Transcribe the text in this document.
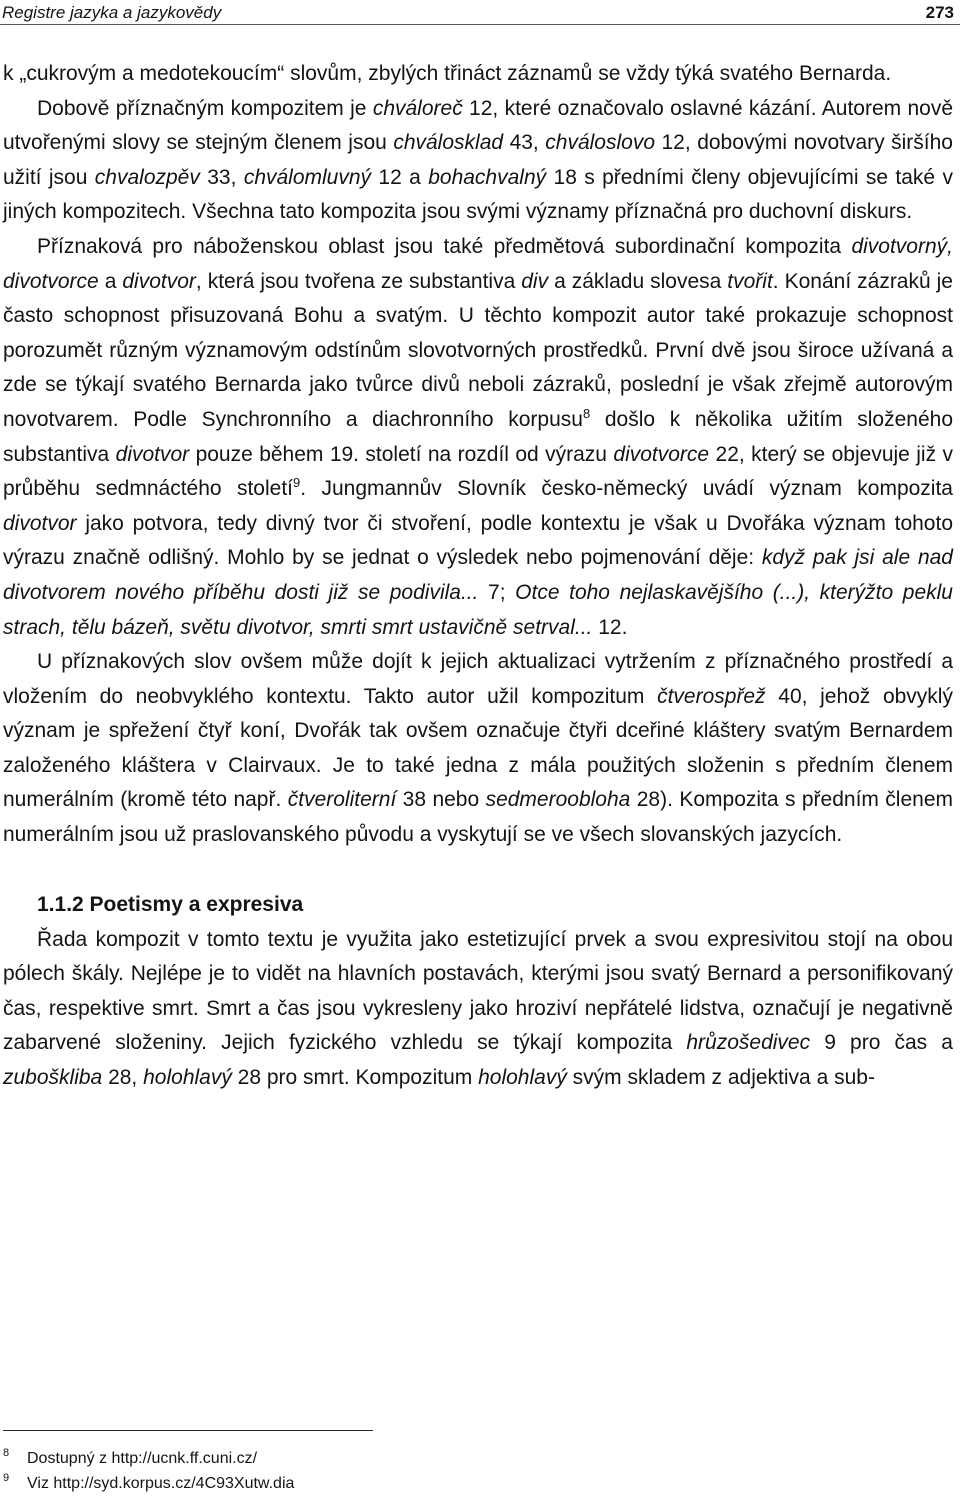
Registre jazyka a jazykovědy	273

k „cukrovým a medotekoucím“ slovům, zbylých třináct záznamů se vždy týká svatého Bernarda.

Dobově příznačným kompozitem je chváloreč 12, které označovalo oslavné kázání. Autorem nově utvořenými slovy se stejným členem jsou chválosklad 43, chváloslovo 12, dobovými novotvary širšího užití jsou chvalozpěv 33, chválomluvný 12 a bohachvalný 18 s předními členy objevujícími se také v jiných kompozitech. Všechna tato kompozita jsou svými významy příznačná pro duchovní diskurs.

Příznaková pro náboženskou oblast jsou také předmětová subordinační kompozita divotvorný, divotvorce a divotvor, která jsou tvořena ze substantiva div a základu slovesa tvořit. Konání zázraků je často schopnost přisuzovaná Bohu a svatým. U těchto kompozit autor také prokazuje schopnost porozumět různým významovým odstínům slovotvorných prostředků. První dvě jsou široce užívaná a zde se týkají svatého Bernarda jako tvůrce divů neboli zázraků, poslední je však zřejmě autorovým novotvarem. Podle Synchronního a diachronního korpusu$^8$ došlo k několika užitím složeného substantiva divotvor pouze během 19. století na rozdíl od výrazu divotvorce 22, který se objevuje již v průběhu sedmnáctého století$^9$. Jungmannův Slovník česko-německý uvádí význam kompozita divotvor jako potvora, tedy divný tvor či stvoření, podle kontextu je však u Dvořáka význam tohoto výrazu značně odlišný. Mohlo by se jednat o výsledek nebo pojmenování děje: když pak jsi ale nad divotvorem nového příběhu dosti již se podivila... 7; Otce toho nejlaskavějšího (...), kterýžto peklu strach, tělu bázeň, světu divotvor, smrti smrt ustavičně setrval... 12.

U příznakových slov ovšem může dojít k jejich aktualizaci vytržením z příznačného prostředí a vložením do neobvyklého kontextu. Takto autor užil kompozitum čtverospřež 40, jehož obvyklý význam je spřežení čtyř koní, Dvořák tak ovšem označuje čtyři dceřiné kláštery svatým Bernardem založeného kláštera v Clairvaux. Je to také jedna z mála použitých složenin s předním členem numerálním (kromě této např. čtveroliterní 38 nebo sedmeroobloha 28). Kompozita s předním členem numerálním jsou už praslovanského původu a vyskytují se ve všech slovanských jazycích.

1.1.2 Poetismy a expresiva

Řada kompozit v tomto textu je využita jako estetizující prvek a svou expresivitou stojí na obou pólech škály. Nejlépe je to vidět na hlavních postavách, kterými jsou svatý Bernard a personifikovaný čas, respektive smrt. Smrt a čas jsou vykresleny jako hroziví nepřátelé lidstva, označují je negativně zabarvené složeniny. Jejich fyzického vzhledu se týkají kompozita hrůzošedivec 9 pro čas a zuboškliba 28, holohlavý 28 pro smrt. Kompozitum holohlavý svým skladem z adjektiva a sub-

8	Dostupný z http://ucnk.ff.cuni.cz/
9	Viz http://syd.korpus.cz/4C93Xutw.dia
